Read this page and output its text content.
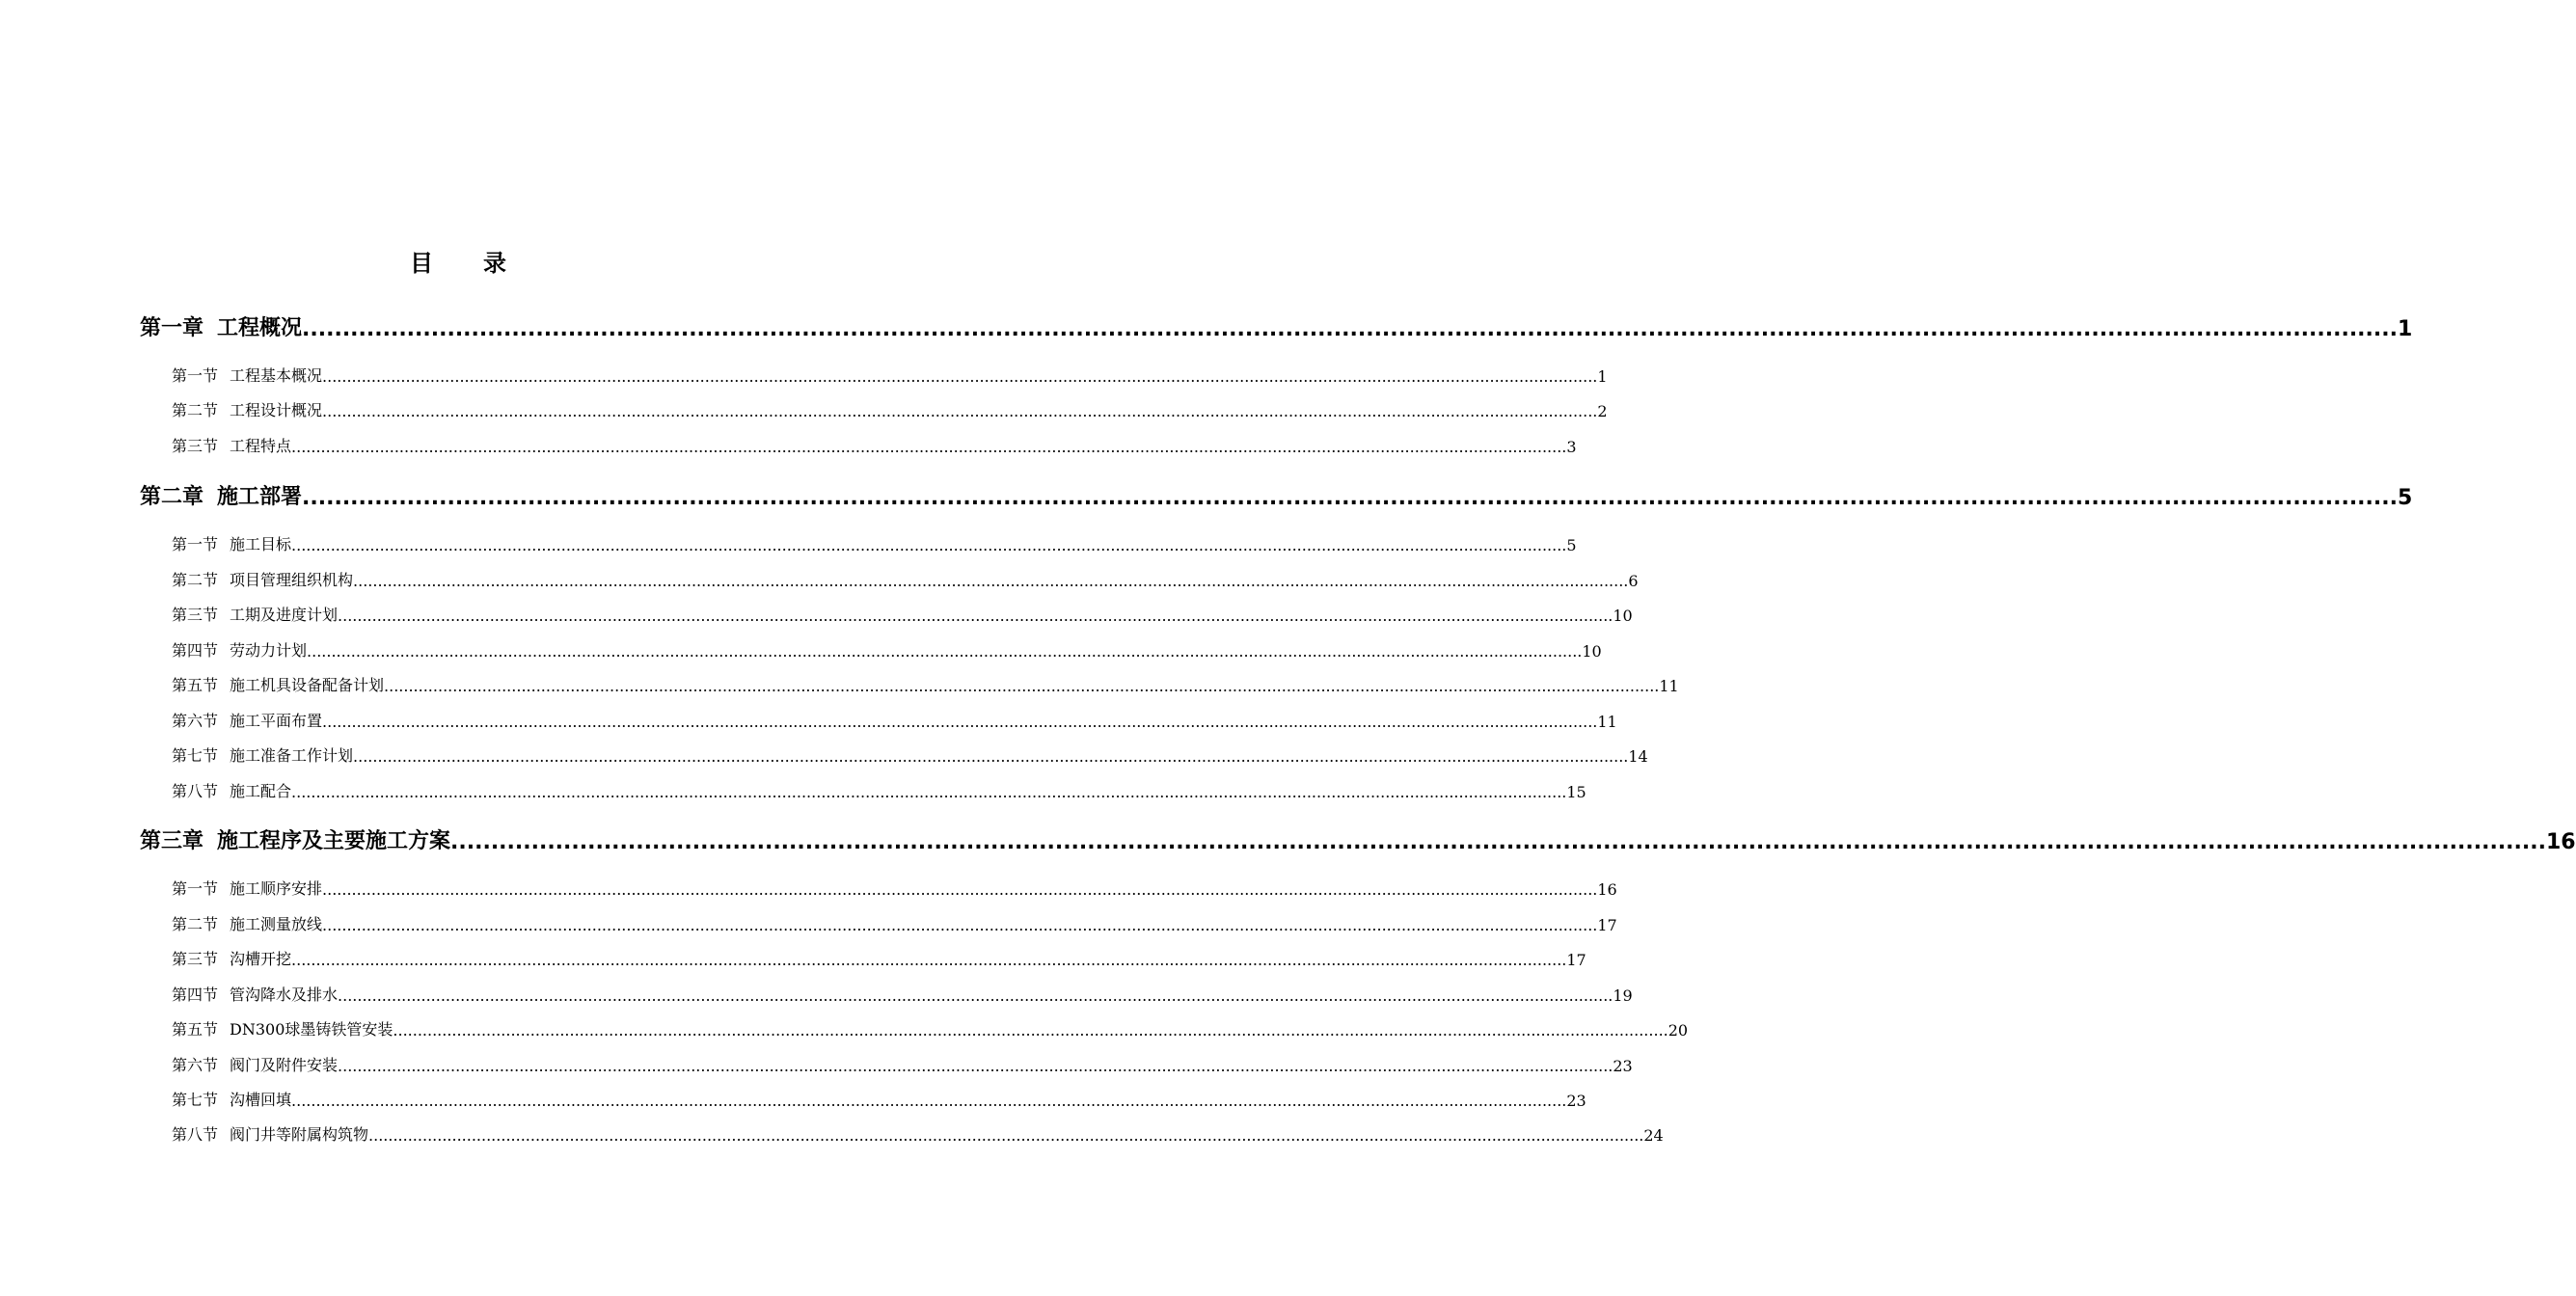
目 录
第一章 工程概况 .................................................................................................................................................................................................................................................................... 1
第一节 工程基本概况 .................................................................................................................................................................................................................................................................... 1
第二节 工程设计概况 .................................................................................................................................................................................................................................................................... 2
第三节 工程特点 .................................................................................................................................................................................................................................................................... 3
第二章 施工部署 .................................................................................................................................................................................................................................................................... 5
第一节 施工目标 .................................................................................................................................................................................................................................................................... 5
第二节 项目管理组织机构 .................................................................................................................................................................................................................................................................... 6
第三节 工期及进度计划 .................................................................................................................................................................................................................................................................... 10
第四节 劳动力计划 .................................................................................................................................................................................................................................................................... 10
第五节 施工机具设备配备计划 .................................................................................................................................................................................................................................................................... 11
第六节 施工平面布置 .................................................................................................................................................................................................................................................................... 11
第七节 施工准备工作计划 .................................................................................................................................................................................................................................................................... 14
第八节 施工配合 .................................................................................................................................................................................................................................................................... 15
第三章 施工程序及主要施工方案 .................................................................................................................................................................................................................................................................... 16
第一节 施工顺序安排 .................................................................................................................................................................................................................................................................... 16
第二节 施工测量放线 .................................................................................................................................................................................................................................................................... 17
第三节 沟槽开挖 .................................................................................................................................................................................................................................................................... 17
第四节 管沟降水及排水 .................................................................................................................................................................................................................................................................... 19
第五节 DN300球墨铸铁管安装 .................................................................................................................................................................................................................................................................... 20
第六节 阀门及附件安装 .................................................................................................................................................................................................................................................................... 23
第七节 沟槽回填 .................................................................................................................................................................................................................................................................... 23
第八节 阀门井等附属构筑物 .................................................................................................................................................................................................................................................................... 24
